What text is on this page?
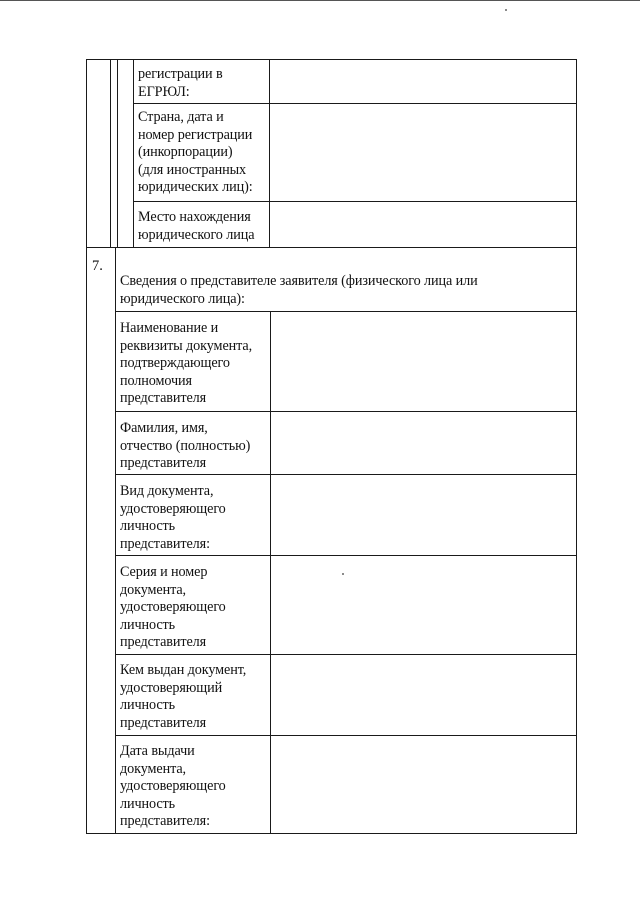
регистрации в
ЕГРЮЛ:
Страна, дата и
номер регистрации
(инкорпорации)
(для иностранных
юридических лиц):
Место нахождения
юридического лица
7.
Сведения о представителе заявителя (физического лица или
юридического лица):
Наименование и
реквизиты документа,
подтверждающего
полномочия
представителя
Фамилия, имя,
отчество (полностью)
представителя
Вид документа,
удостоверяющего
личность
представителя:
Серия и номер
документа,
удостоверяющего
личность
представителя
Кем выдан документ,
удостоверяющий
личность
представителя
Дата выдачи
документа,
удостоверяющего
личность
представителя:
